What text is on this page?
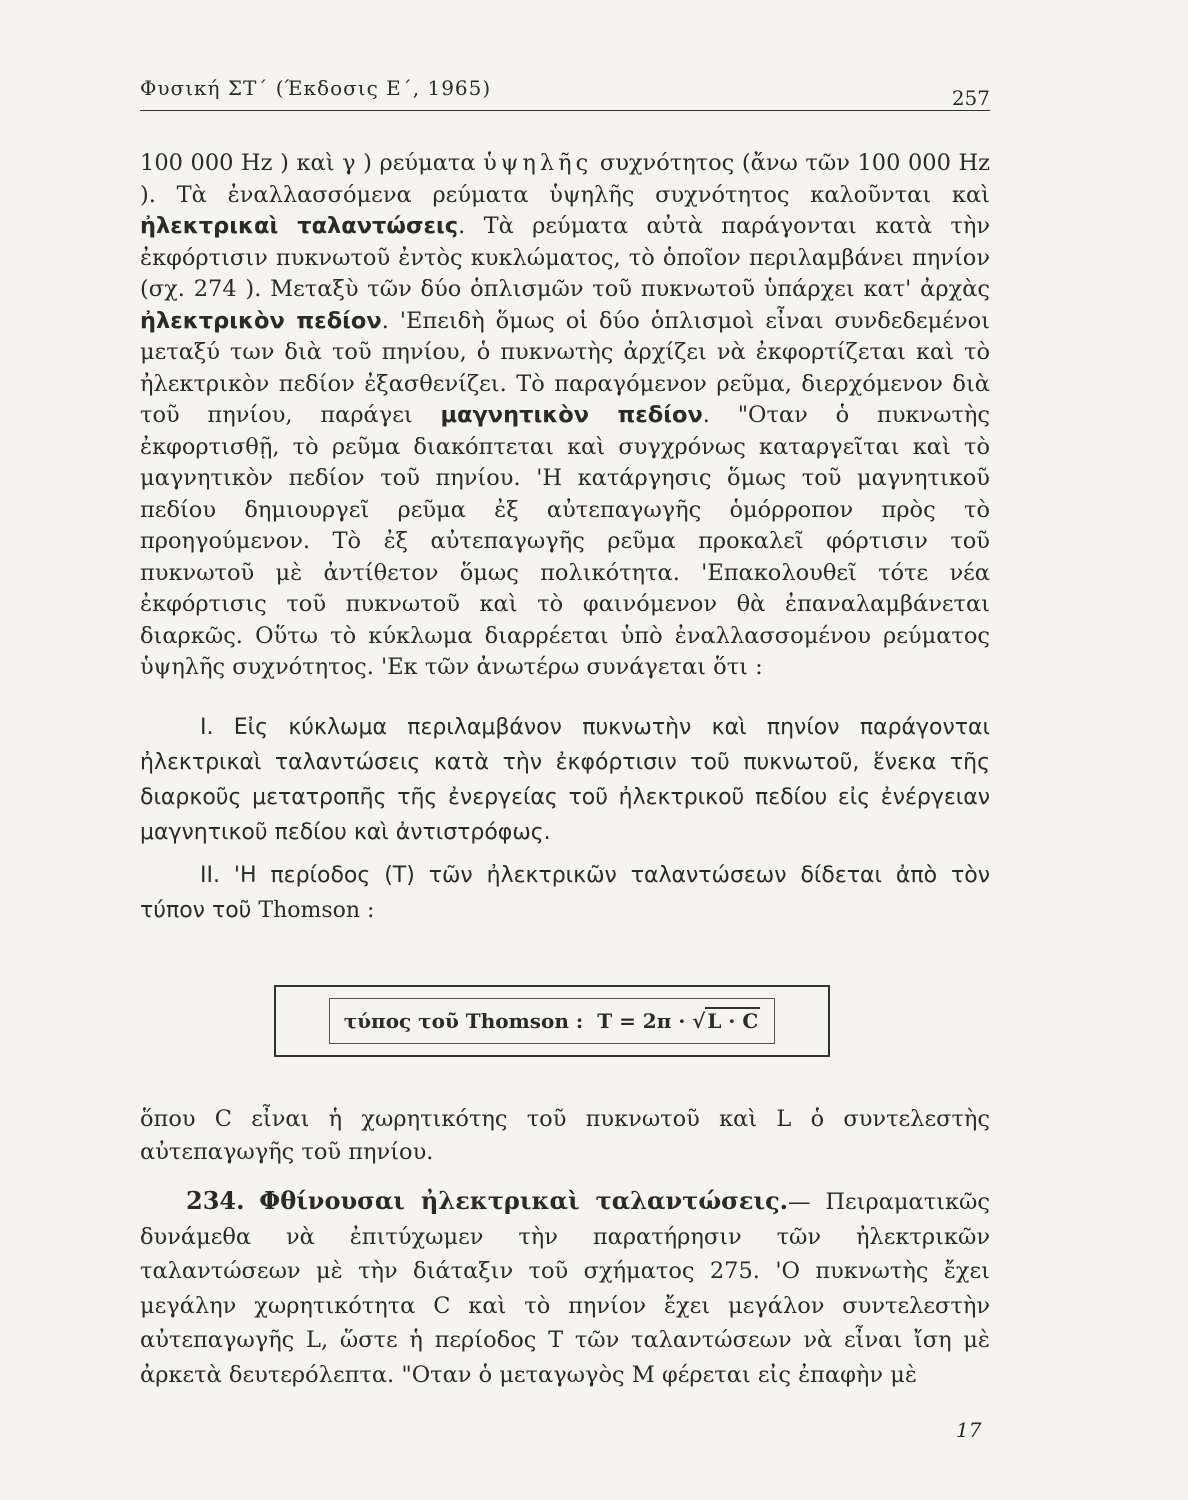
Φυσική ΣΤ΄ (Έκδοσις Ε΄, 1965)	257

100 000 Hz ) καὶ γ ) ρεύματα ὑψηλῆς συχνότητος (ἄνω τῶν 100 000 Hz ). Τὰ ἐναλλασσόμενα ρεύματα ὑψηλῆς συχνότητος καλοῦνται καὶ ἠλεκτρικαὶ ταλαντώσεις. Τὰ ρεύματα αὐτὰ παράγονται κατὰ τὴν ἐκφόρτισιν πυκνωτοῦ ἐντὸς κυκλώματος, τὸ ὁποῖον περιλαμβάνει πηνίον (σχ. 274 ). Μεταξὺ τῶν δύο ὁπλισμῶν τοῦ πυκνωτοῦ ὑπάρχει κατ' ἀρχὰς ἠλεκτρικὸν πεδίον. 'Επειδὴ ὅμως οἱ δύο ὁπλισμοὶ εἶναι συνδεδεμένοι μεταξύ των διὰ τοῦ πηνίου, ὁ πυκνωτὴς ἀρχίζει νὰ ἐκφορτίζεται καὶ τὸ ἠλεκτρικὸν πεδίον ἐξασθενίζει. Τὸ παραγόμενον ρεῦμα, διερχόμενον διὰ τοῦ πηνίου, παράγει μαγνητικὸν πεδίον. "Οταν ὁ πυκνωτὴς ἐκφορτισθῇ, τὸ ρεῦμα διακόπτεται καὶ συγχρόνως καταργεῖται καὶ τὸ μαγνητικὸν πεδίον τοῦ πηνίου. 'Η κατάργησις ὅμως τοῦ μαγνητικοῦ πεδίου δημιουργεῖ ρεῦμα ἐξ αὐτεπαγωγῆς ὁμόρροπον πρὸς τὸ προηγούμενον. Τὸ ἐξ αὐτεπαγωγῆς ρεῦμα προκαλεῖ φόρτισιν τοῦ πυκνωτοῦ μὲ ἀντίθετον ὅμως πολικότητα. 'Επακολουθεῖ τότε νέα ἐκφόρτισις τοῦ πυκνωτοῦ καὶ τὸ φαινόμενον θὰ ἐπαναλαμβάνεται διαρκῶς. Οὕτω τὸ κύκλωμα διαρρέεται ὑπὸ ἐναλλασσομένου ρεύματος ὑψηλῆς συχνότητος. 'Εκ τῶν ἀνωτέρω συνάγεται ὅτι :

I. Εἰς κύκλωμα περιλαμβάνον πυκνωτὴν καὶ πηνίον παράγονται ἠλεκτρικαὶ ταλαντώσεις κατὰ τὴν ἐκφόρτισιν τοῦ πυκνωτοῦ, ἕνεκα τῆς διαρκοῦς μετατροπῆς τῆς ἐνεργείας τοῦ ἠλεκτρικοῦ πεδίου εἰς ἐνέργειαν μαγνητικοῦ πεδίου καὶ ἀντιστρόφως.

II. 'Η περίοδος (T) τῶν ἠλεκτρικῶν ταλαντώσεων δίδεται ἀπὸ τὸν τύπον τοῦ Thomson :

τύπος τοῦ Thomson : T = 2π · √ L · C

ὅπου C εἶναι ἡ χωρητικότης τοῦ πυκνωτοῦ καὶ L ὁ συντελεστὴς αὐτεπαγωγῆς τοῦ πηνίου.

234. Φθίνουσαι ἠλεκτρικαὶ ταλαντώσεις.— Πειραματικῶς δυνάμεθα νὰ ἐπιτύχωμεν τὴν παρατήρησιν τῶν ἠλεκτρικῶν ταλαντώσεων μὲ τὴν διάταξιν τοῦ σχήματος 275. 'Ο πυκνωτὴς ἔχει μεγάλην χωρητικότητα C καὶ τὸ πηνίον ἔχει μεγάλον συντελεστὴν αὐτεπαγωγῆς L, ὥστε ἡ περίοδος T τῶν ταλαντώσεων νὰ εἶναι ἴση μὲ ἀρκετὰ δευτερόλεπτα. "Οταν ὁ μεταγωγὸς M φέρεται εἰς ἐπαφὴν μὲ
17
